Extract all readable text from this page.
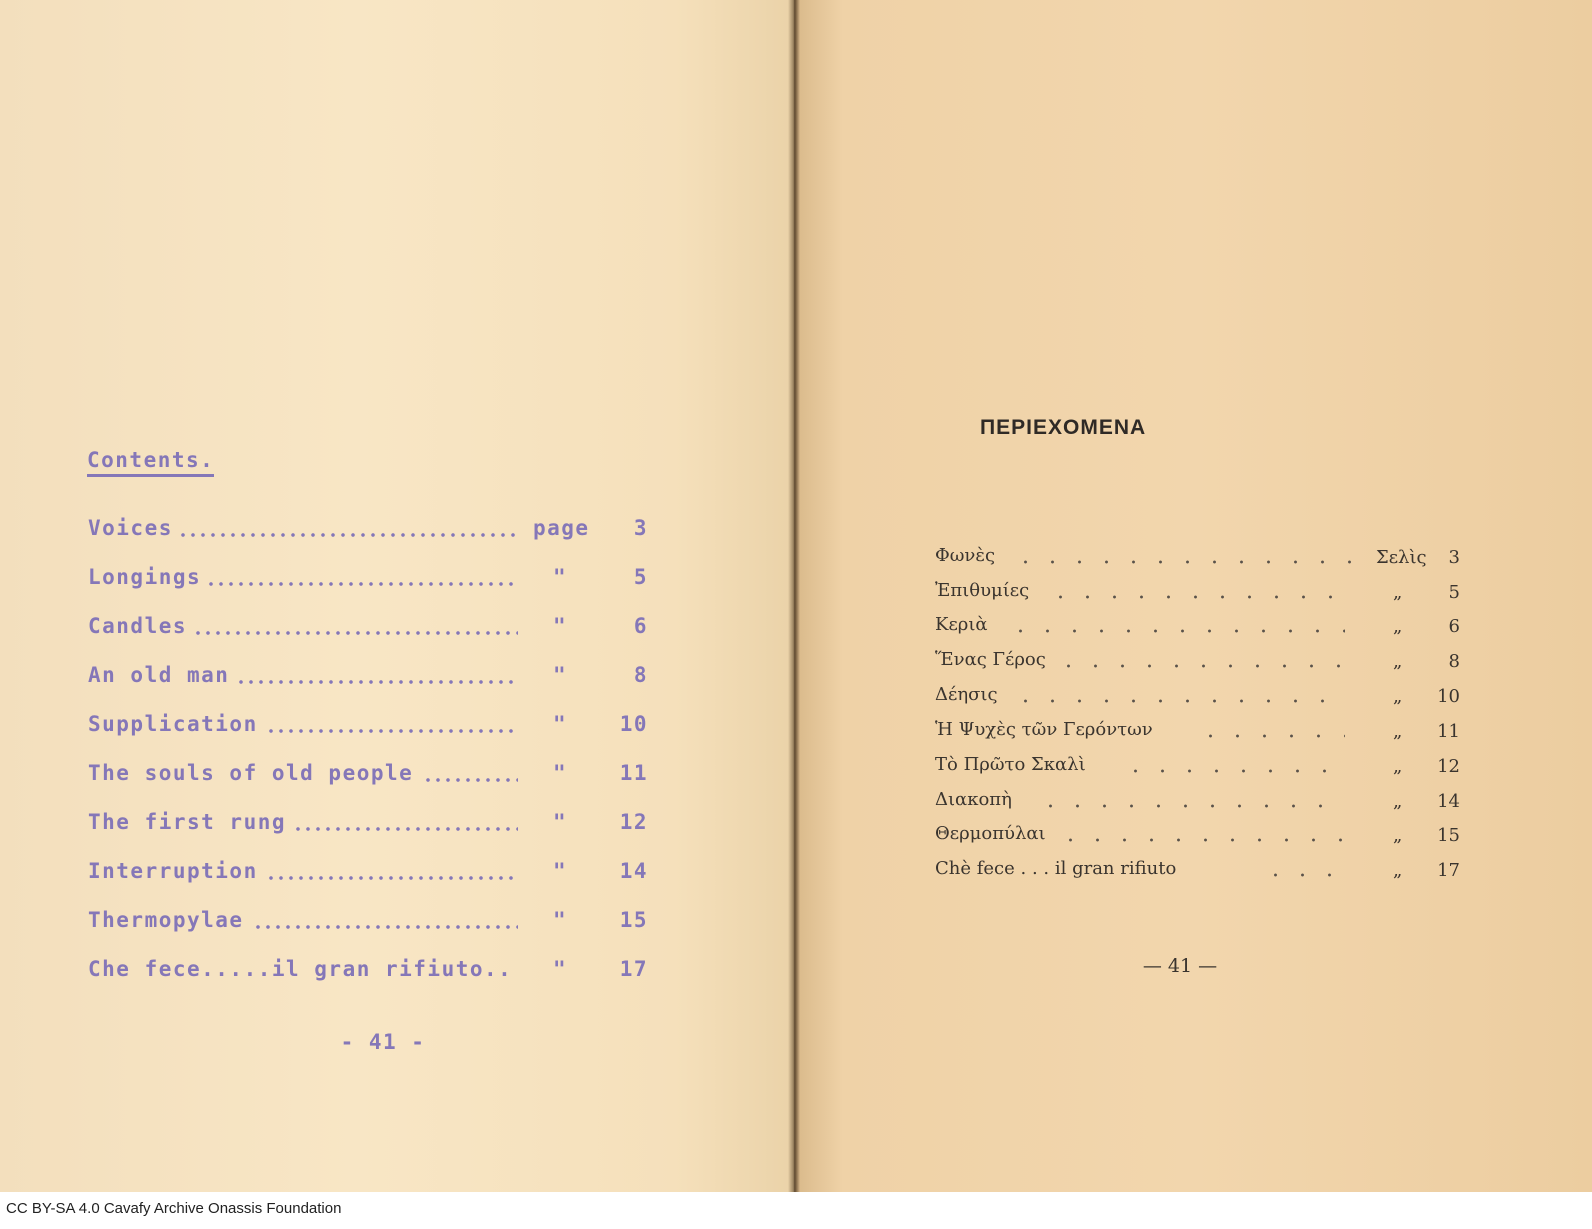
Contents.
Voices	page 3
Longings	"	5
Candles	"	6
An old man	"	8
Supplication	"	10
The souls of old people	"	11
The first rung	"	12
Interruption	"	14
Thermopylae	"	15
Che fece.....il gran rifiuto.. "	17
- 41 -
ΠΕΡΙΕΧΟΜΕΝΑ
Φωνὲς	Σελὶς 3
Ἐπιθυμίες	„	5
Κεριὰ	„	6
Ἕνας Γέρος	„	8
Δέησις	„ 10
Ἡ Ψυχὲς τῶν Γερόντων	„ 11
Τὸ Πρῶτο Σκαλὶ	„ 12
Διακοπὴ	„ 14
Θερμοπύλαι	„ 15
Chè fece . . . il gran rifiuto	„ 17
— 41 —
CC BY-SA 4.0 Cavafy Archive Onassis Foundation
